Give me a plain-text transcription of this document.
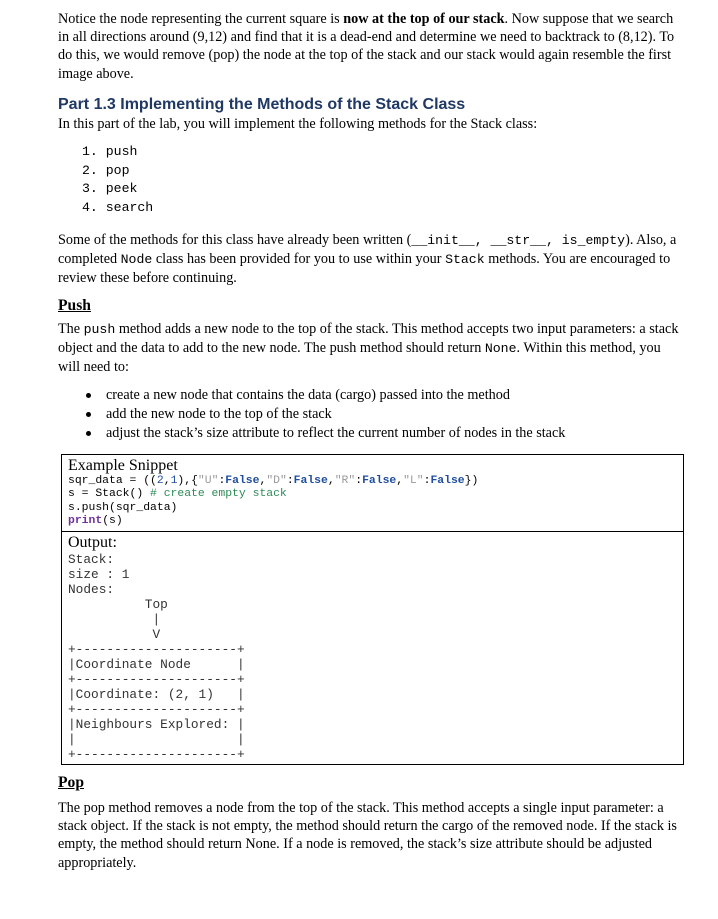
Notice the node representing the current square is now at the top of our stack. Now suppose that we search in all directions around (9,12) and find that it is a dead-end and determine we need to backtrack to (8,12). To do this, we would remove (pop) the node at the top of the stack and our stack would again resemble the first image above.

Part 1.3 Implementing the Methods of the Stack Class

In this part of the lab, you will implement the following methods for the Stack class:

1. push
2. pop
3. peek
4. search

Some of the methods for this class have already been written (__init__, __str__, is_empty). Also, a completed Node class has been provided for you to use within your Stack methods. You are encouraged to review these before continuing.

Push

The push method adds a new node to the top of the stack. This method accepts two input parameters: a stack object and the data to add to the new node. The push method should return None. Within this method, you will need to:

create a new node that contains the data (cargo) passed into the method
add the new node to the top of the stack
adjust the stack’s size attribute to reflect the current number of nodes in the stack
Example Snippet
sqr_data = ((2,1),{"U":False,"D":False,"R":False,"L":False})
s = Stack() # create empty stack
s.push(sqr_data)
print(s)
Output:
Stack:
size : 1
Nodes:
Top
|
V
+---------------------+
|Coordinate Node      |
+---------------------+
|Coordinate: (2, 1)   |
+---------------------+
|Neighbours Explored: |
|                     |
+---------------------+

Pop

The pop method removes a node from the top of the stack. This method accepts a single input parameter: a stack object. If the stack is not empty, the method should return the cargo of the removed node. If the stack is empty, the method should return None. If a node is removed, the stack’s size attribute should be adjusted appropriately.
